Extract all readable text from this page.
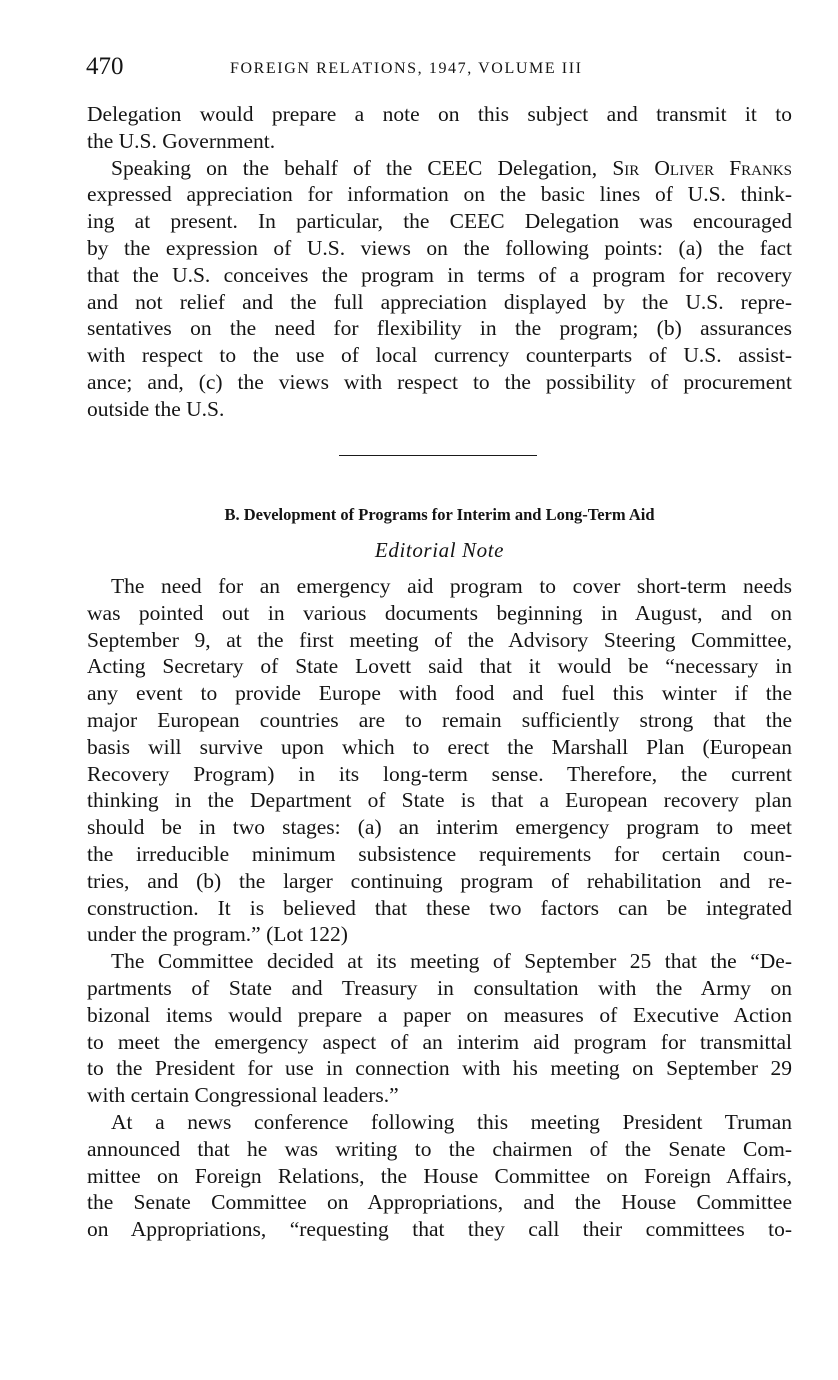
470	FOREIGN RELATIONS, 1947, VOLUME III
Delegation would prepare a note on this subject and transmit it to
the U.S. Government.
Speaking on the behalf of the CEEC Delegation, Sir Oliver Franks
expressed appreciation for information on the basic lines of U.S. think-
ing at present. In particular, the CEEC Delegation was encouraged
by the expression of U.S. views on the following points: (a) the fact
that the U.S. conceives the program in terms of a program for recovery
and not relief and the full appreciation displayed by the U.S. repre-
sentatives on the need for flexibility in the program; (b) assurances
with respect to the use of local currency counterparts of U.S. assist-
ance; and, (c) the views with respect to the possibility of procurement
outside the U.S.
B. Development of Programs for Interim and Long-Term Aid
Editorial Note
The need for an emergency aid program to cover short-term needs
was pointed out in various documents beginning in August, and on
September 9, at the first meeting of the Advisory Steering Committee,
Acting Secretary of State Lovett said that it would be “necessary in
any event to provide Europe with food and fuel this winter if the
major European countries are to remain sufficiently strong that the
basis will survive upon which to erect the Marshall Plan (European
Recovery Program) in its long-term sense. Therefore, the current
thinking in the Department of State is that a European recovery plan
should be in two stages: (a) an interim emergency program to meet
the irreducible minimum subsistence requirements for certain coun-
tries, and (b) the larger continuing program of rehabilitation and re-
construction. It is believed that these two factors can be integrated
under the program.” (Lot 122)
The Committee decided at its meeting of September 25 that the “De-
partments of State and Treasury in consultation with the Army on
bizonal items would prepare a paper on measures of Executive Action
to meet the emergency aspect of an interim aid program for transmittal
to the President for use in connection with his meeting on September 29
with certain Congressional leaders.”
At a news conference following this meeting President Truman
announced that he was writing to the chairmen of the Senate Com-
mittee on Foreign Relations, the House Committee on Foreign Affairs,
the Senate Committee on Appropriations, and the House Committee
on Appropriations, “requesting that they call their committees to-
